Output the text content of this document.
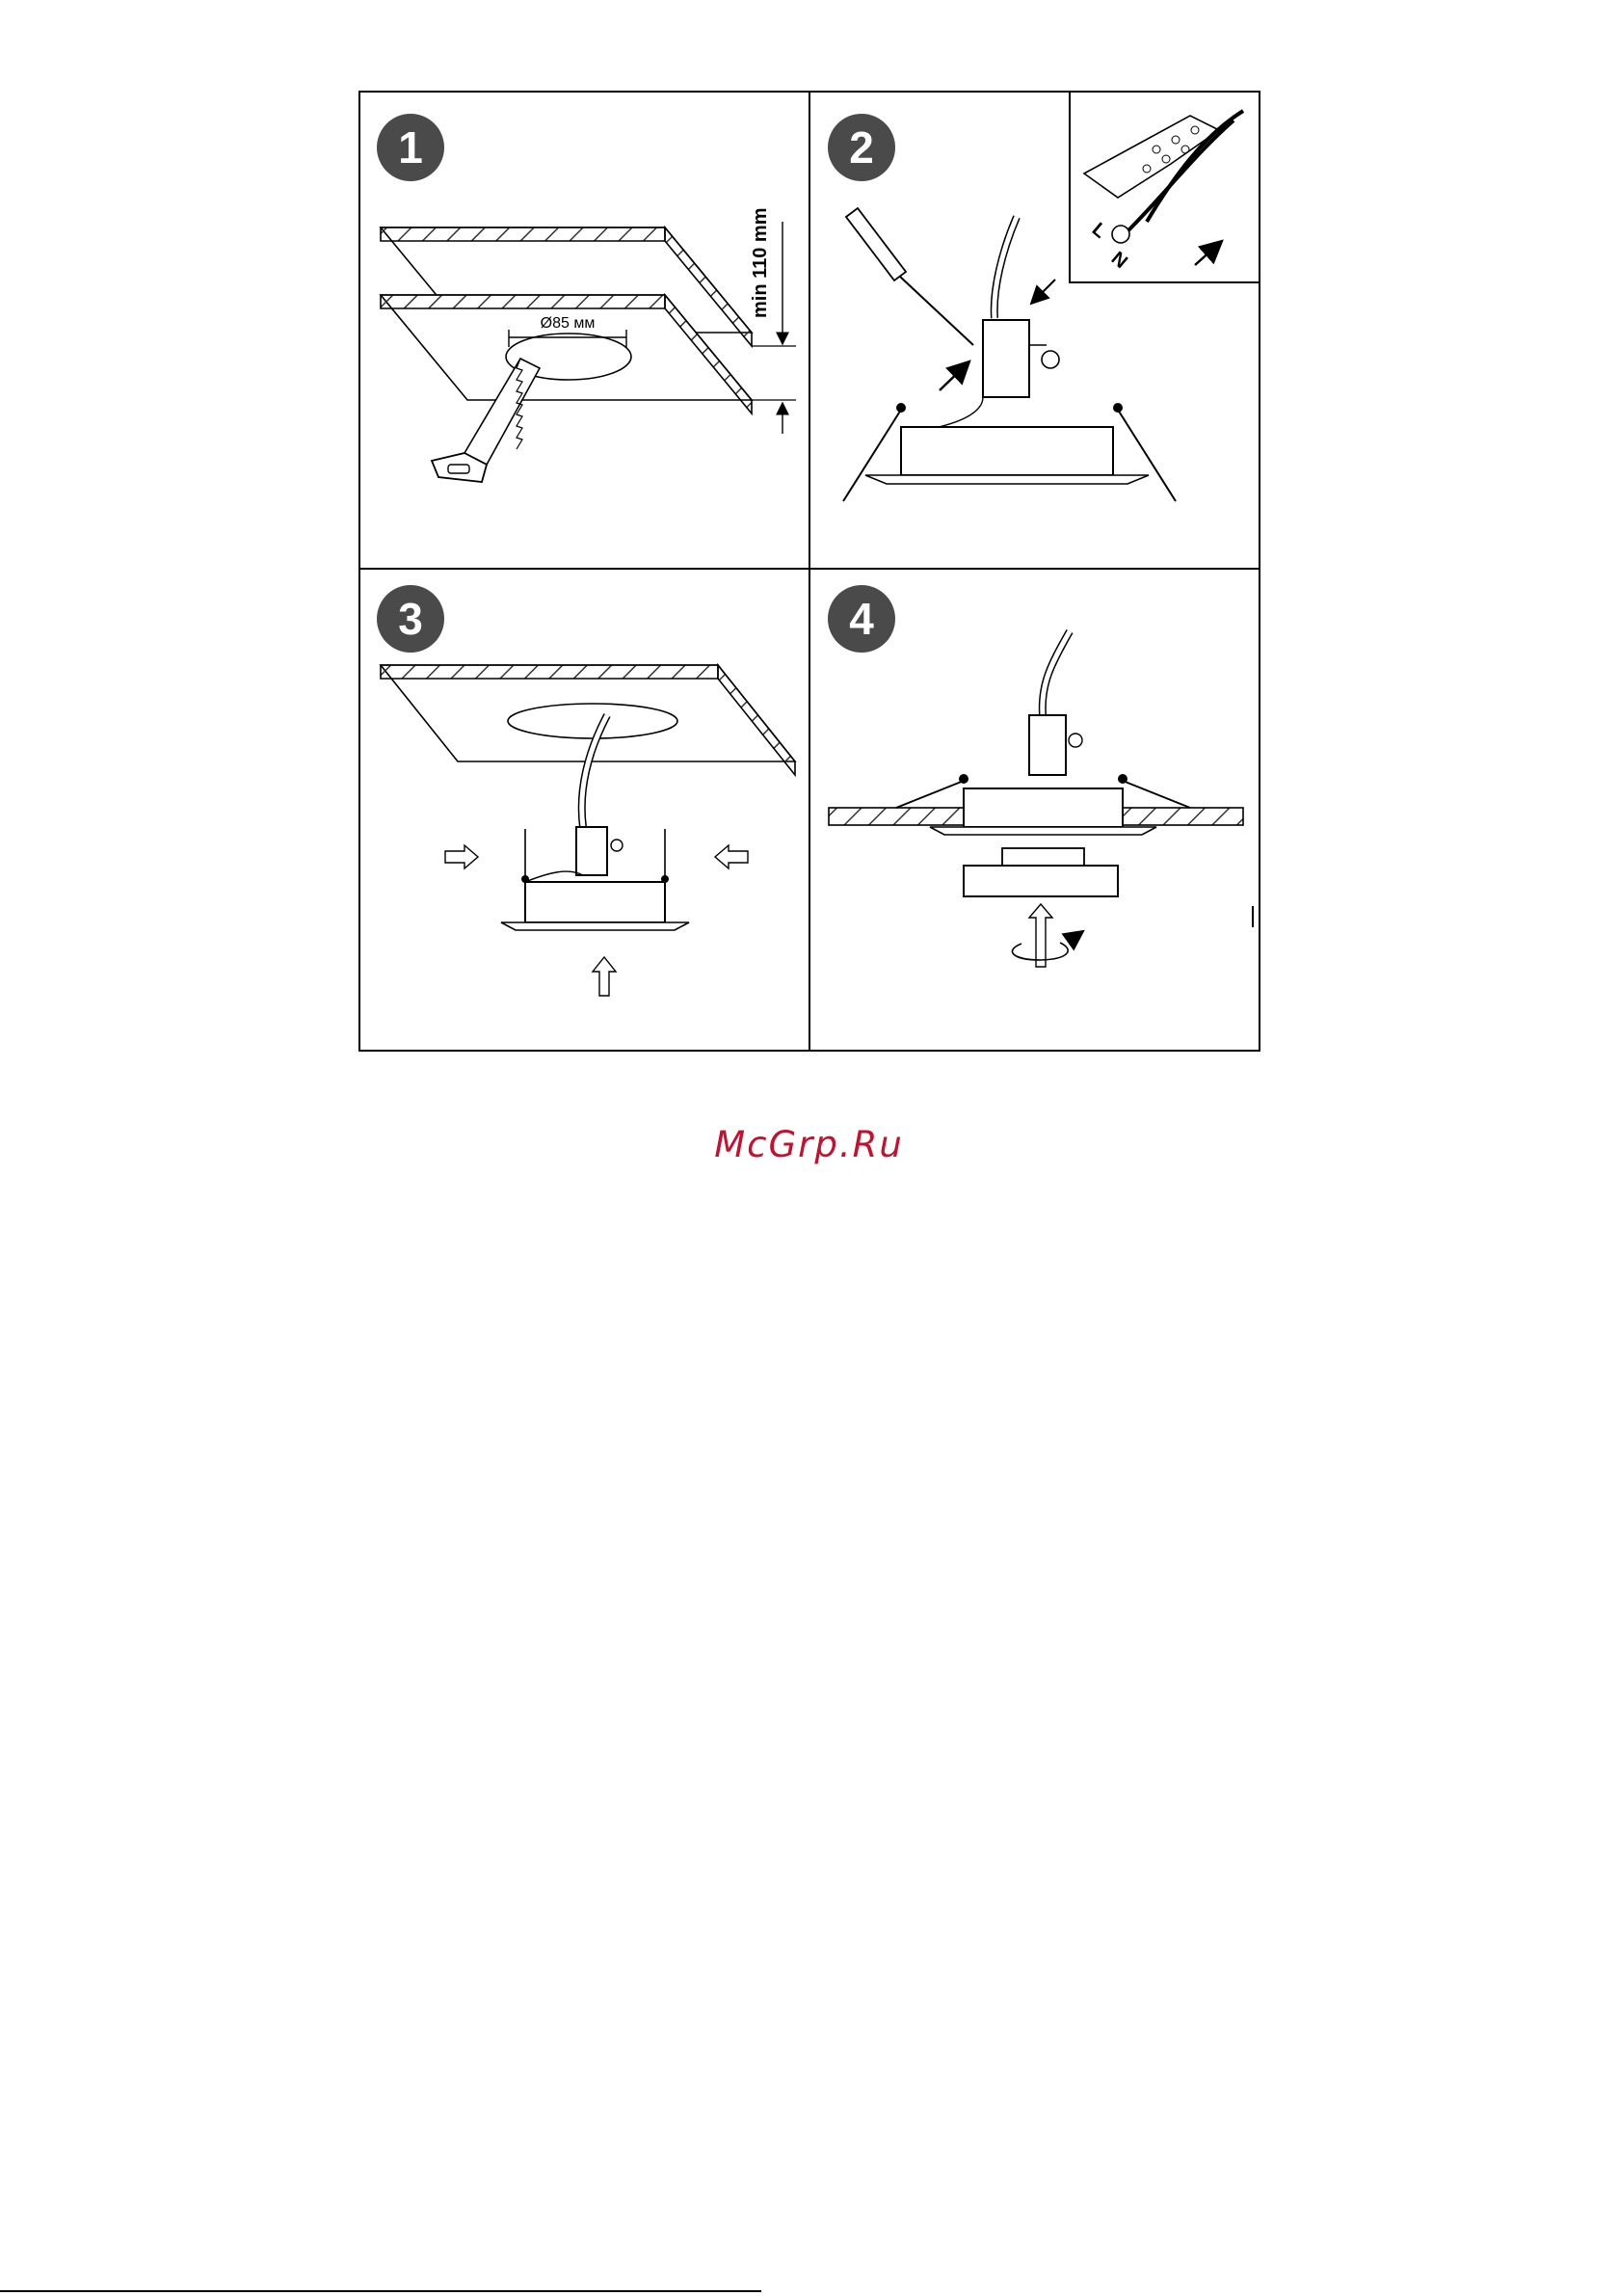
1
Ø85 мм
min 110 mm
2
L
N
3	4
McGrp.Ru
